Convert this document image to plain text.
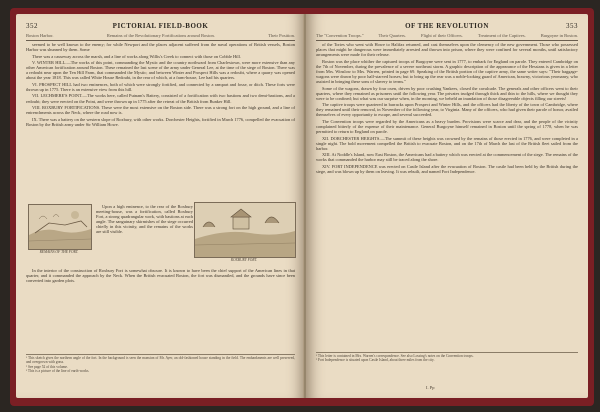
352	PICTORIAL FIELD-BOOK
Boston Harbor.	Remains of the Revolutionary Fortifications around Boston.	Their Position.

seemed to be well known to the enemy; for while Newport and the places adjacent suffered from the naval operations of British vessels, Boston Harbor was shunned by them. Some

There was a causeway across the marsh, and a line of works along Willis's Creek to connect with those on Cobble Hill.

V. WINTER HILL.—The works of this point, commanding the Mystic and the country northward from Charlestown, were more extensive than any other American fortification around Boston. These remained the last scene of the army under General Lee, at the time of the siege of Boston. There was a redoubt near upon the Ten Hill Farm, that commanded the Mystic; and between Winter and Prospect Hills was a redoubt, where a quarry was opened about the year 1818. This was called White House Redoubt, in the rear of which, at a farm-house, Lee had his quarters.

VI. PROSPECT HILL had two eminences, both of which were strongly fortified, and connected by a rampart and fosse, or ditch. These forts were thrown up in 1775. There is an extensive view from this hill.

VII. LECHMERE'S POINT.—The works here, called Putnam's Battery, consisted of a fortification with two bastions and two demi-bastions, and a redoubt; they were erected on the Point, and were thrown up in 1775 after the retreat of the British from Bunker Hill.

VIII. ROXBURY FORTIFICATIONS. These were the most extensive on the Boston side. There was a strong fort on the high ground, and a line of entrenchments across the Neck, where the road now is.

IX. There was a battery on the western slope of Roxbury, with other works. Dorchester Heights, fortified in March 1776, compelled the evacuation of Boston by the British army under Sir William Howe.

REMAINS OF THE FORT.
ROXBURY FORT.

Upon a high eminence, to the rear of the Roxbury meeting-house, was a fortification, called Roxbury Fort, a strong quadrangular work, with bastions at each angle. The sanguinary skirmishes of the siege occurred chiefly in this vicinity, and the remains of the works are still visible.

In the interior of the construction of Roxbury Fort is somewhat obscure. It is known to have been the chief support of the American lines in that quarter, and it commanded the approach by the Neck. When the British evacuated Boston, the fort was dismantled, and the grounds have since been converted into garden plots.

¹ This sketch gives the northern angle of the fort. In the background is seen the mansion of Mr. Ayer, an old-fashioned house standing in the field. The embankments are well preserved, and overgrown with grass.
² See page 52 of this volume.
³ This is a picture of the line of earth-works.
OF THE REVOLUTION	353
The "Convention Troops."	Their Quarters.	Flight of their Officers.	Treatment of the Captives.	Burgoyne in Boston.

of the Tories who went with Howe to Halifax returned, and cast themselves upon the clemency of the new government. Those who possessed places that might be dangerous were immediately arrested and thrown into prison, where they were confined for several months, until satisfactory arrangements were made for their release.

Boston was the place whither the captured troops of Burgoyne were sent in 1777, to embark for England on parole. They entered Cambridge on the 7th of November, during the prevalence of a severe northeast storm. A graphic description of the appearance of the Hessians is given in a letter from Mrs. Winslow to Mrs. Warren, printed in page 69. Speaking of the British portion of the captive army, the same writer says: "Their baggage-wagons were drawn by poor half-starved horses; but to bring up the rear was a noble-looking guard of American, brawny, victorious yeomanry, who assisted in bringing these sons of slavery to terms."

Some of the wagons, drawn by four oxen, driven by poor crushing Yankees, closed the cavalcade. The generals and other officers went to their quarters, where they remained as prisoners until the following year. The privates trudged through thick and thin to the hills, where we thought they were to be confined; but what was our surprise when, in the morning, we beheld an inundation of those disagreeable objects filling our streets!

The captive troops were quartered in barracks upon Prospect and Winter Hills, and the officers had the liberty of the town of Cambridge, where they remained until their removal, in November of the following year, to Virginia. Many of the officers, who had given their parole of honor, availed themselves of every opportunity to escape, and several succeeded.

The Convention troops were regarded by the Americans as a heavy burden. Provisions were scarce and dear, and the people of the vicinity complained bitterly of the expense of their maintenance. General Burgoyne himself remained in Boston until the spring of 1778, when he was permitted to return to England on parole.

XII. DORCHESTER HEIGHTS.—The summit of these heights was crowned by the remains of those erected in 1776, and were completed in a single night. The bold movement compelled the British to evacuate Boston, and on the 17th of March the last of the British fleet sailed from the harbor.

XIII. At Noddle's Island, now East Boston, the Americans had a battery which was erected at the commencement of the siege. The remains of the works that commanded the harbor may still be traced along the shore.

XIV. FORT INDEPENDENCE was erected on Castle Island after the evacuation of Boston. The castle had been held by the British during the siege, and was blown up by them on leaving. It was rebuilt, and named Fort Independence.

¹ This letter is contained in Mrs. Warren's correspondence. See also Lossing's notes on the Convention troops.
² Fort Independence is situated upon Castle Island, about three miles from the city.
I. Pp
